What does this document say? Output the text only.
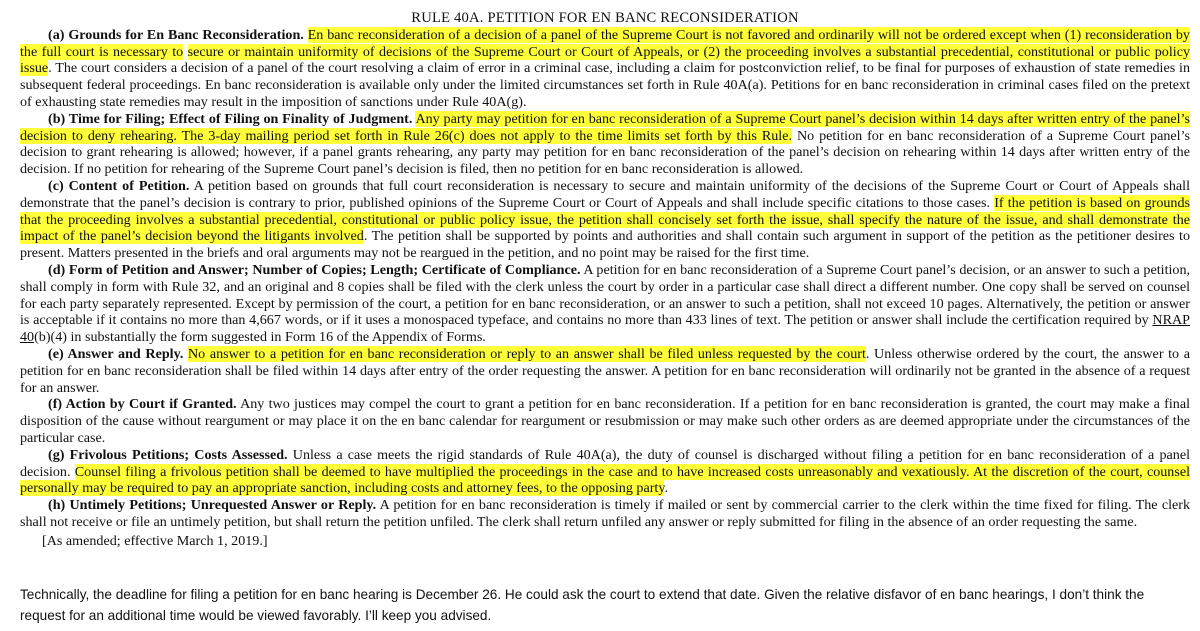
RULE 40A. PETITION FOR EN BANC RECONSIDERATION

(a) Grounds for En Banc Reconsideration. En banc reconsideration of a decision of a panel of the Supreme Court is not favored and ordinarily will not be ordered except when (1) reconsideration by the full court is necessary to secure or maintain uniformity of decisions of the Supreme Court or Court of Appeals, or (2) the proceeding involves a substantial precedential, constitutional or public policy issue. The court considers a decision of a panel of the court resolving a claim of error in a criminal case, including a claim for postconviction relief, to be final for purposes of exhaustion of state remedies in subsequent federal proceedings. En banc reconsideration is available only under the limited circumstances set forth in Rule 40A(a). Petitions for en banc reconsideration in criminal cases filed on the pretext of exhausting state remedies may result in the imposition of sanctions under Rule 40A(g).

(b) Time for Filing; Effect of Filing on Finality of Judgment. Any party may petition for en banc reconsideration of a Supreme Court panel’s decision within 14 days after written entry of the panel’s decision to deny rehearing. The 3-day mailing period set forth in Rule 26(c) does not apply to the time limits set forth by this Rule. No petition for en banc reconsideration of a Supreme Court panel’s decision to grant rehearing is allowed; however, if a panel grants rehearing, any party may petition for en banc reconsideration of the panel’s decision on rehearing within 14 days after written entry of the decision. If no petition for rehearing of the Supreme Court panel’s decision is filed, then no petition for en banc reconsideration is allowed.

(c) Content of Petition. A petition based on grounds that full court reconsideration is necessary to secure and maintain uniformity of the decisions of the Supreme Court or Court of Appeals shall demonstrate that the panel’s decision is contrary to prior, published opinions of the Supreme Court or Court of Appeals and shall include specific citations to those cases. If the petition is based on grounds that the proceeding involves a substantial precedential, constitutional or public policy issue, the petition shall concisely set forth the issue, shall specify the nature of the issue, and shall demonstrate the impact of the panel’s decision beyond the litigants involved. The petition shall be supported by points and authorities and shall contain such argument in support of the petition as the petitioner desires to present. Matters presented in the briefs and oral arguments may not be reargued in the petition, and no point may be raised for the first time.

(d) Form of Petition and Answer; Number of Copies; Length; Certificate of Compliance. A petition for en banc reconsideration of a Supreme Court panel’s decision, or an answer to such a petition, shall comply in form with Rule 32, and an original and 8 copies shall be filed with the clerk unless the court by order in a particular case shall direct a different number. One copy shall be served on counsel for each party separately represented. Except by permission of the court, a petition for en banc reconsideration, or an answer to such a petition, shall not exceed 10 pages. Alternatively, the petition or answer is acceptable if it contains no more than 4,667 words, or if it uses a monospaced typeface, and contains no more than 433 lines of text. The petition or answer shall include the certification required by NRAP 40(b)(4) in substantially the form suggested in Form 16 of the Appendix of Forms.

(e) Answer and Reply. No answer to a petition for en banc reconsideration or reply to an answer shall be filed unless requested by the court. Unless otherwise ordered by the court, the answer to a petition for en banc reconsideration shall be filed within 14 days after entry of the order requesting the answer. A petition for en banc reconsideration will ordinarily not be granted in the absence of a request for an answer.

(f) Action by Court if Granted. Any two justices may compel the court to grant a petition for en banc reconsideration. If a petition for en banc reconsideration is granted, the court may make a final disposition of the cause without reargument or may place it on the en banc calendar for reargument or resubmission or may make such other orders as are deemed appropriate under the circumstances of the particular case.

(g) Frivolous Petitions; Costs Assessed. Unless a case meets the rigid standards of Rule 40A(a), the duty of counsel is discharged without filing a petition for en banc reconsideration of a panel decision. Counsel filing a frivolous petition shall be deemed to have multiplied the proceedings in the case and to have increased costs unreasonably and vexatiously. At the discretion of the court, counsel personally may be required to pay an appropriate sanction, including costs and attorney fees, to the opposing party.

(h) Untimely Petitions; Unrequested Answer or Reply. A petition for en banc reconsideration is timely if mailed or sent by commercial carrier to the clerk within the time fixed for filing. The clerk shall not receive or file an untimely petition, but shall return the petition unfiled. The clerk shall return unfiled any answer or reply submitted for filing in the absence of an order requesting the same.

[As amended; effective March 1, 2019.]

Technically, the deadline for filing a petition for en banc hearing is December 26. He could ask the court to extend that date. Given the relative disfavor of en banc hearings, I don’t think the request for an additional time would be viewed favorably. I’ll keep you advised.
